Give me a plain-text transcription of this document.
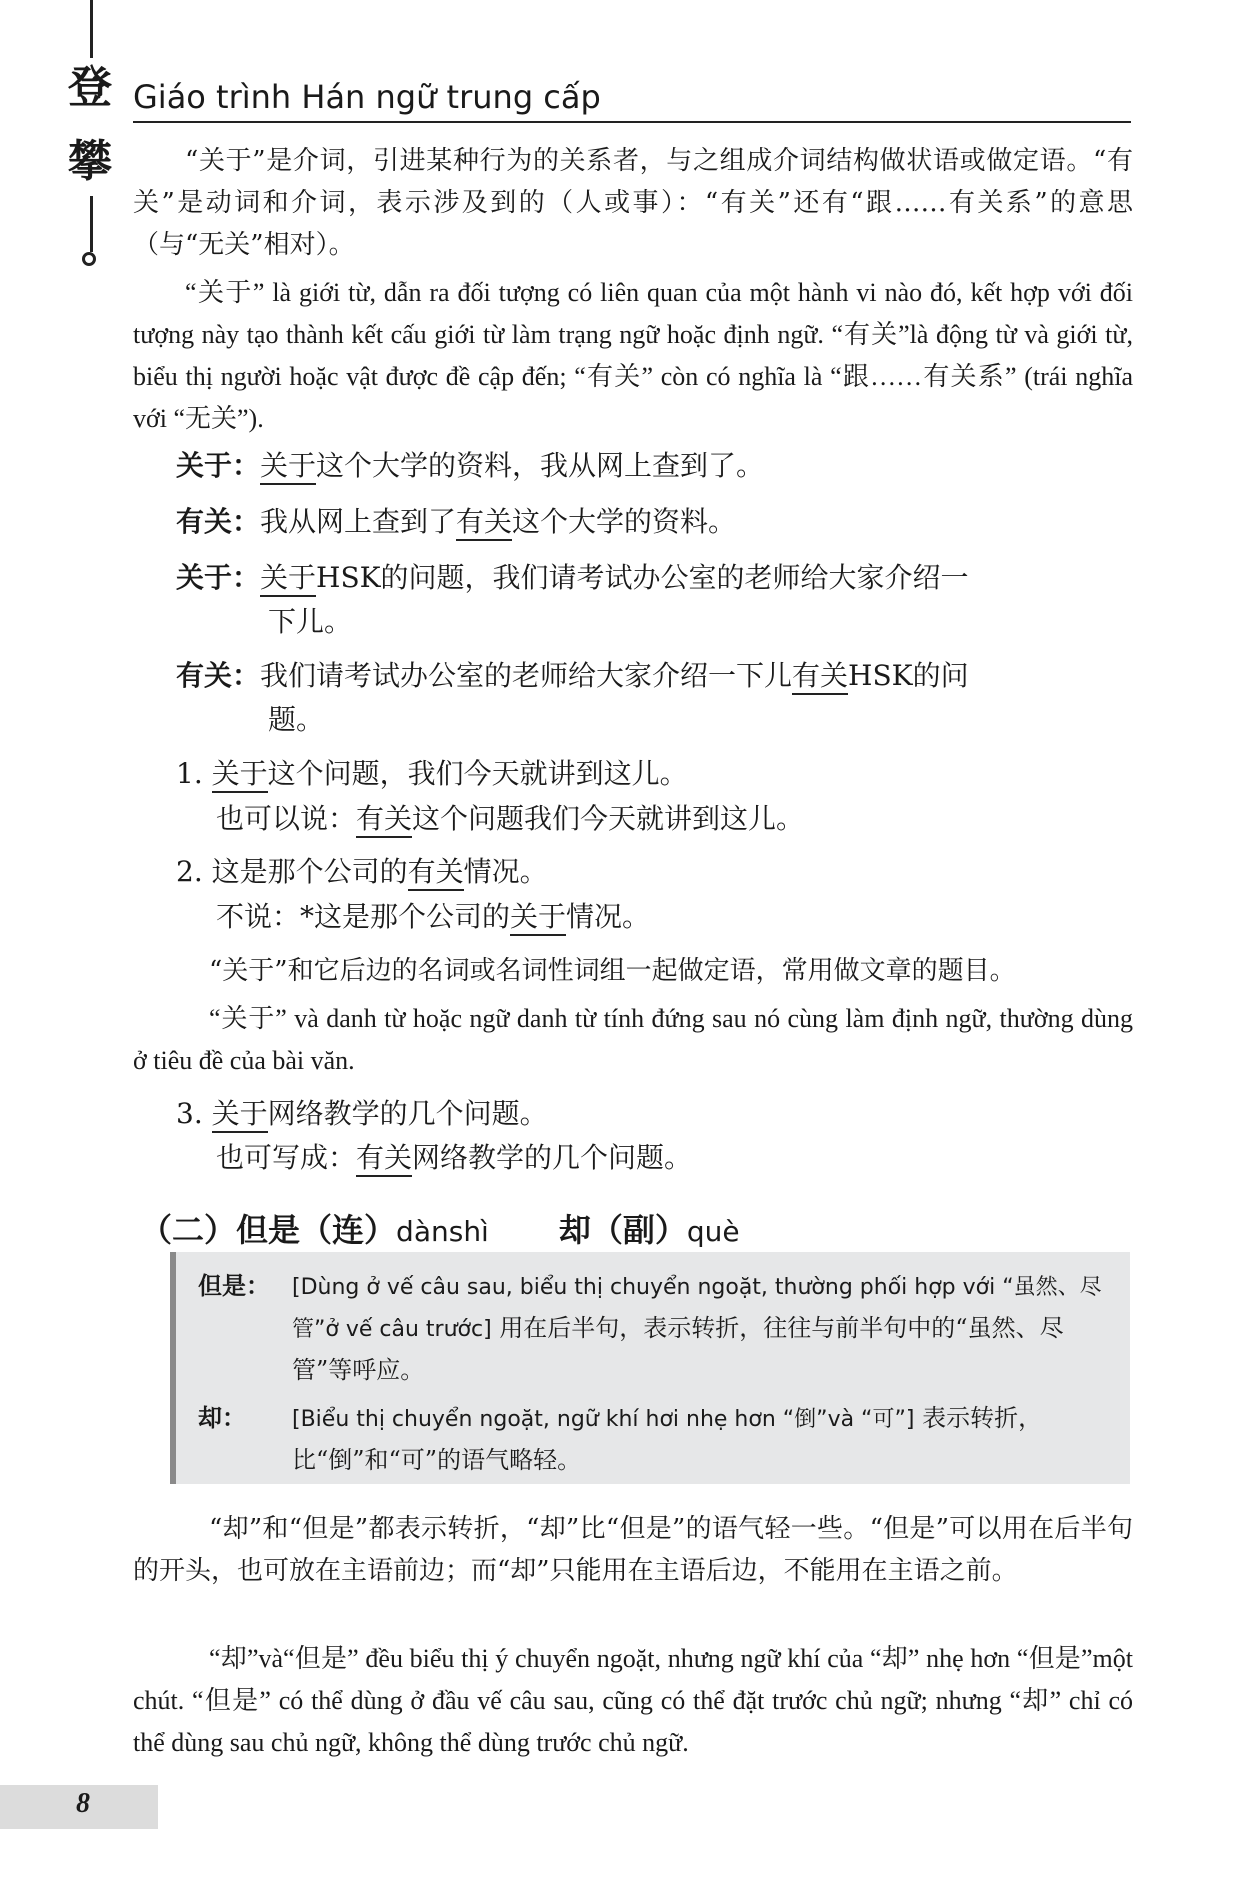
登
攀
Giáo trình Hán ngữ trung cấp

“关于”是介词，引进某种行为的关系者，与之组成介词结构做状语或做定语。“有关”是动词和介词，表示涉及到的（人或事）：“有关”还有“跟……有关系”的意思（与“无关”相对）。

“关于” là giới từ, dẫn ra đối tượng có liên quan của một hành vi nào đó, kết hợp với đối tượng này tạo thành kết cấu giới từ làm trạng ngữ hoặc định ngữ. “有关”là động từ và giới từ, biểu thị người hoặc vật được đề cập đến; “有关” còn có nghĩa là “跟……有关系” (trái nghĩa với “无关”).

关于：关于这个大学的资料，我从网上查到了。
有关：我从网上查到了有关这个大学的资料。
关于：关于HSK的问题，我们请考试办公室的老师给大家介绍一
下儿。
有关：我们请考试办公室的老师给大家介绍一下儿有关HSK的问
题。
1. 关于这个问题，我们今天就讲到这儿。
也可以说：有关这个问题我们今天就讲到这儿。
2. 这是那个公司的有关情况。
不说：*这是那个公司的关于情况。

“关于”和它后边的名词或名词性词组一起做定语，常用做文章的题目。

“关于” và danh từ hoặc ngữ danh từ tính đứng sau nó cùng làm định ngữ, thường dùng ở tiêu đề của bài văn.

3. 关于网络教学的几个问题。
也可写成：有关网络教学的几个问题。
（二）但是（连）dànshì 却（副）què
但是： [Dùng ở vế câu sau, biểu thị chuyển ngoặt, thường phối hợp với “虽然、尽管”ở vế câu trước] 用在后半句，表示转折，往往与前半句中的“虽然、尽管”等呼应。
却： [Biểu thị chuyển ngoặt, ngữ khí hơi nhẹ hơn “倒”và “可”] 表示转折，比“倒”和“可”的语气略轻。

“却”和“但是”都表示转折，“却”比“但是”的语气轻一些。“但是”可以用在后半句的开头，也可放在主语前边；而“却”只能用在主语后边，不能用在主语之前。

“却”và“但是” đều biểu thị ý chuyển ngoặt, nhưng ngữ khí của “却” nhẹ hơn “但是”một chút. “但是” có thể dùng ở đầu vế câu sau, cũng có thể đặt trước chủ ngữ; nhưng “却” chỉ có thể dùng sau chủ ngữ, không thể dùng trước chủ ngữ.

8
